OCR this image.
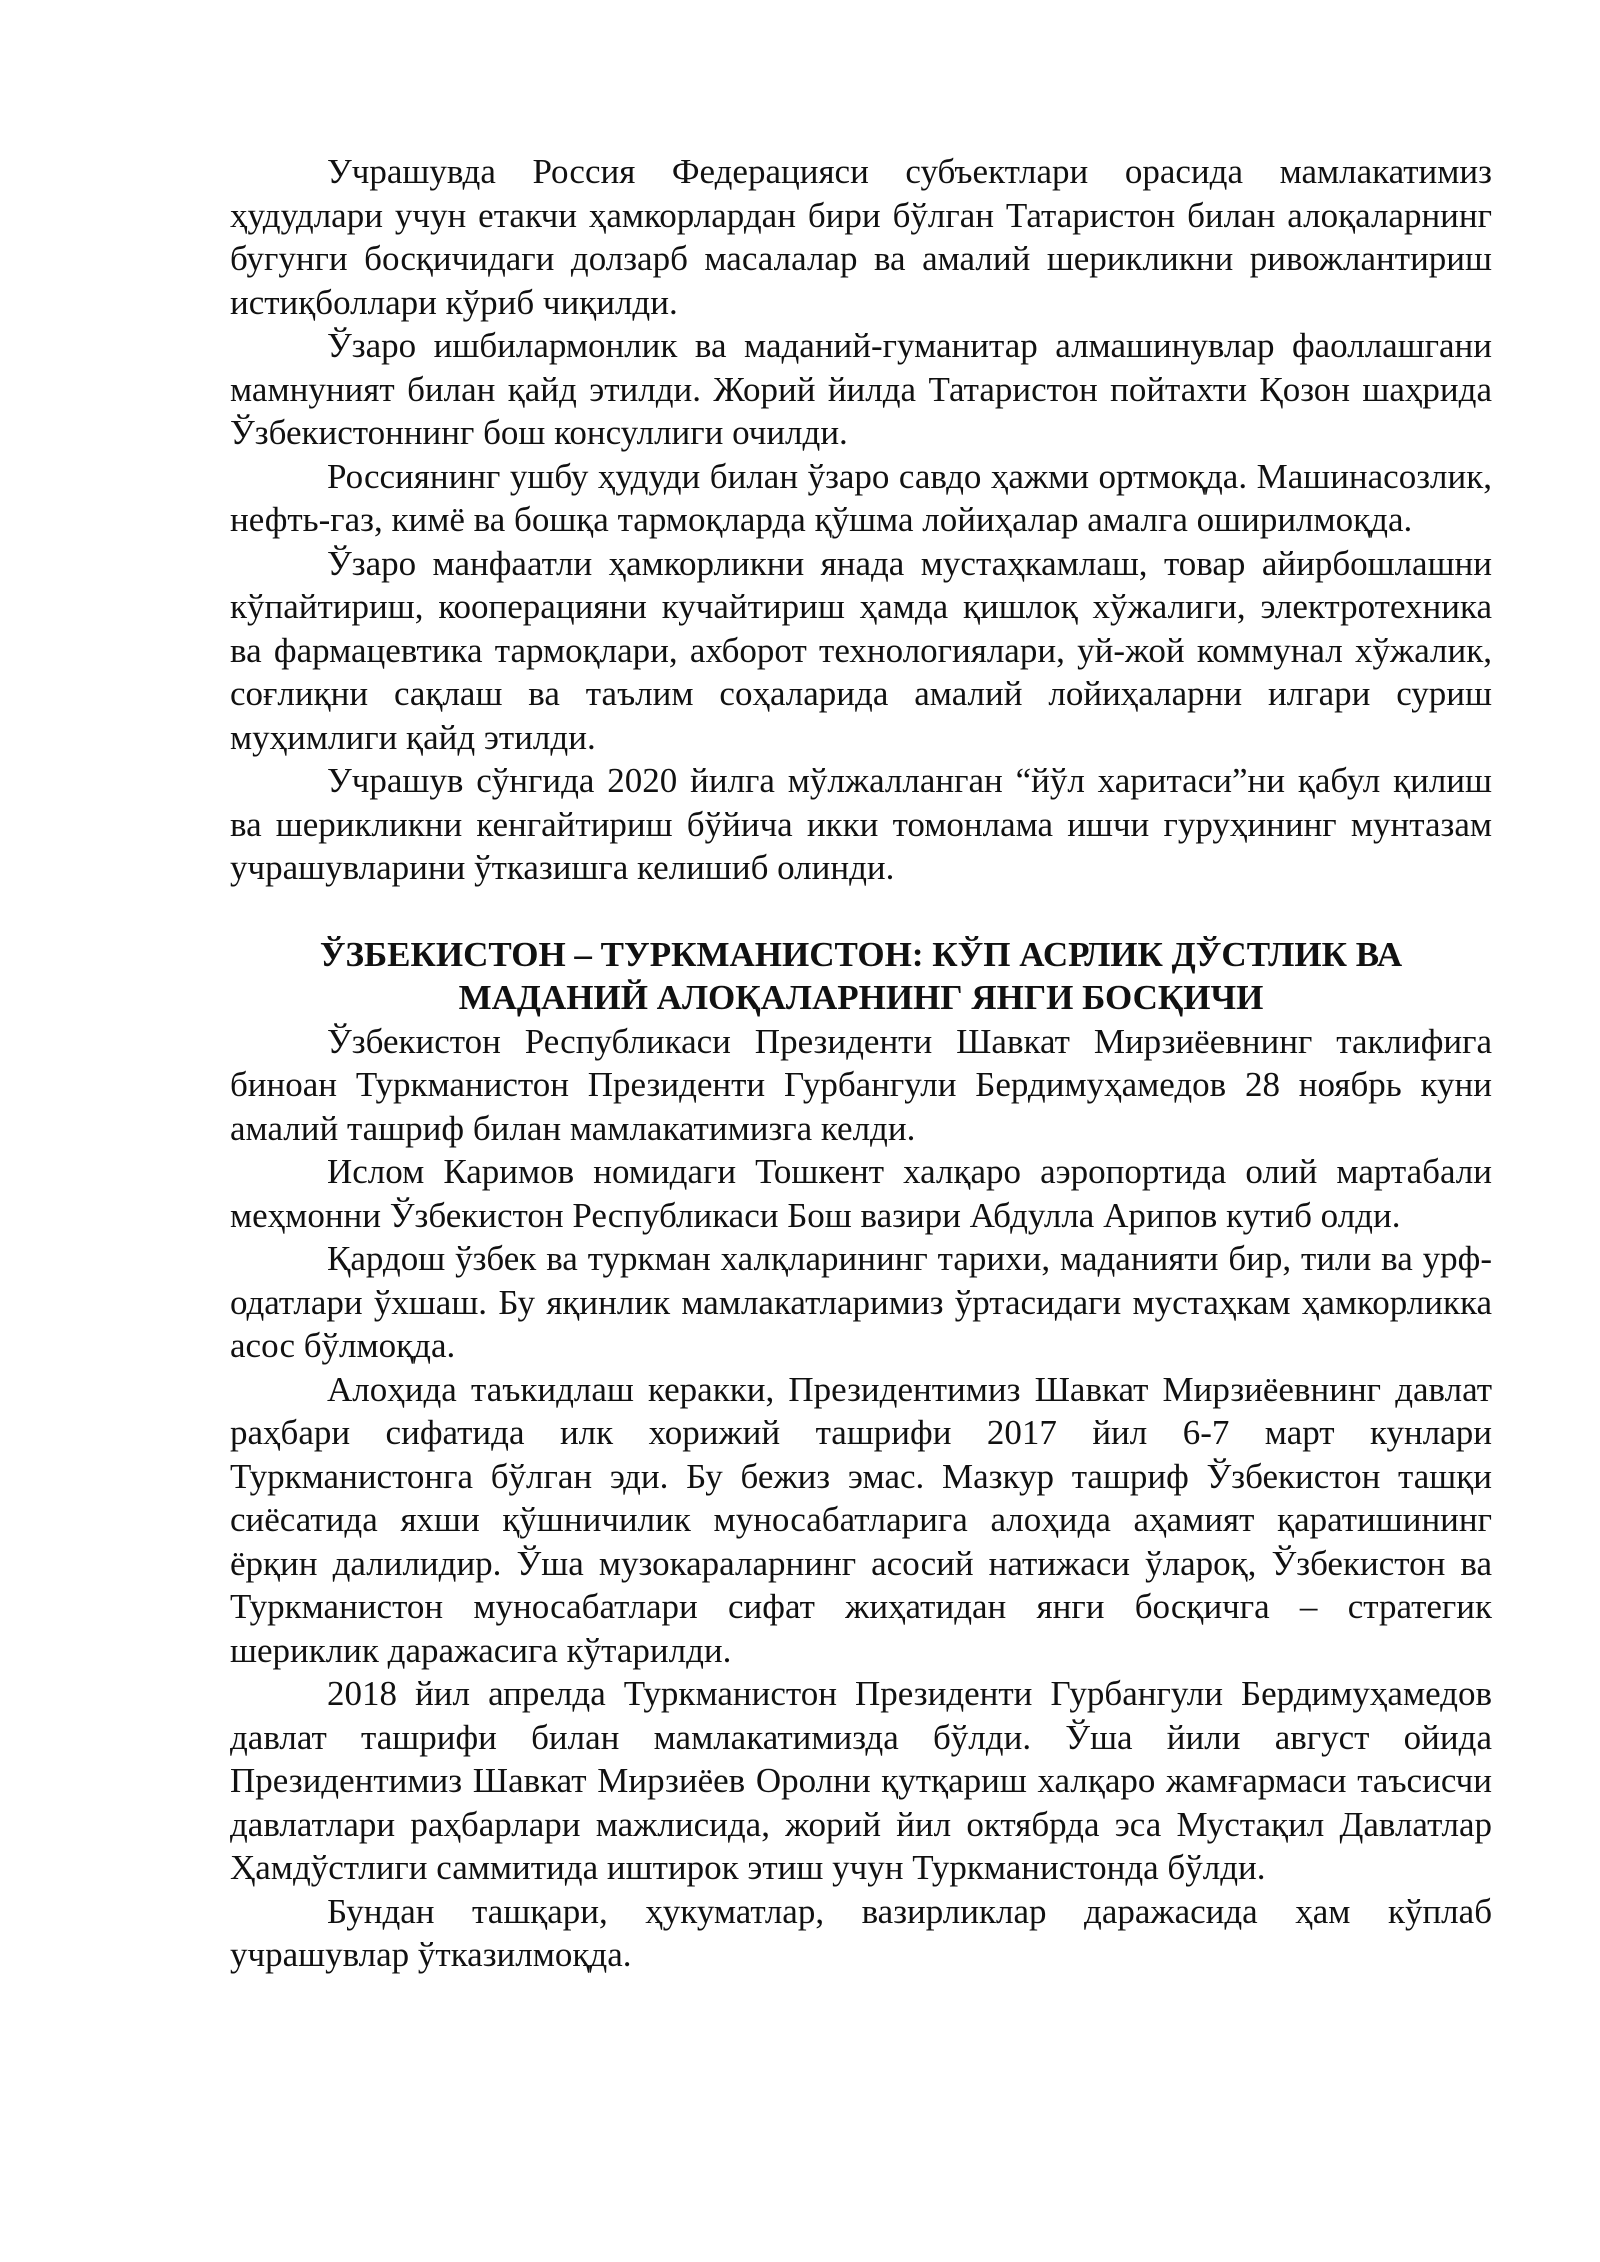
Учрашувда Россия Федерацияси субъектлари орасида мамлакатимиз ҳудудлари учун етакчи ҳамкорлардан бири бўлган Татаристон билан алоқаларнинг бугунги босқичидаги долзарб масалалар ва амалий шерикликни ривожлантириш истиқболлари кўриб чиқилди.

Ўзаро ишбилармонлик ва маданий-гуманитар алмашинувлар фаоллашгани мамнуният билан қайд этилди. Жорий йилда Татаристон пойтахти Қозон шаҳрида Ўзбекистоннинг бош консуллиги очилди.

Россиянинг ушбу ҳудуди билан ўзаро савдо ҳажми ортмоқда. Машинасозлик, нефть-газ, кимё ва бошқа тармоқларда қўшма лойиҳалар амалга оширилмоқда.

Ўзаро манфаатли ҳамкорликни янада мустаҳкамлаш, товар айирбошлашни кўпайтириш, кооперацияни кучайтириш ҳамда қишлоқ хўжалиги, электротехника ва фармацевтика тармоқлари, ахборот технологиялари, уй-жой коммунал хўжалик, соғлиқни сақлаш ва таълим соҳаларида амалий лойиҳаларни илгари суриш муҳимлиги қайд этилди.

Учрашув сўнгида 2020 йилга мўлжалланган “йўл харитаси”ни қабул қилиш ва шерикликни кенгайтириш бўйича икки томонлама ишчи гуруҳининг мунтазам учрашувларини ўтказишга келишиб олинди.

ЎЗБЕКИСТОН – ТУРКМАНИСТОН: КЎП АСРЛИК ДЎСТЛИК ВА
МАДАНИЙ АЛОҚАЛАРНИНГ ЯНГИ БОСҚИЧИ

Ўзбекистон Республикаси Президенти Шавкат Мирзиёевнинг таклифига биноан Туркманистон Президенти Гурбангули Бердимуҳамедов 28 ноябрь куни амалий ташриф билан мамлакатимизга келди.

Ислом Каримов номидаги Тошкент халқаро аэропортида олий мартабали меҳмонни Ўзбекистон Республикаси Бош вазири Абдулла Арипов кутиб олди.

Қардош ўзбек ва туркман халқларининг тарихи, маданияти бир, тили ва урф-одатлари ўхшаш. Бу яқинлик мамлакатларимиз ўртасидаги мустаҳкам ҳамкорликка асос бўлмоқда.

Алоҳида таъкидлаш керакки, Президентимиз Шавкат Мирзиёевнинг давлат раҳбари сифатида илк хорижий ташрифи 2017 йил 6-7 март кунлари Туркманистонга бўлган эди. Бу бежиз эмас. Мазкур ташриф Ўзбекистон ташқи сиёсатида яхши қўшничилик муносабатларига алоҳида аҳамият қаратишининг ёрқин далилидир. Ўша музокараларнинг асосий натижаси ўлароқ, Ўзбекистон ва Туркманистон муносабатлари сифат жиҳатидан янги босқичга – стратегик шериклик даражасига кўтарилди.

2018 йил апрелда Туркманистон Президенти Гурбангули Бердимуҳамедов давлат ташрифи билан мамлакатимизда бўлди. Ўша йили август ойида Президентимиз Шавкат Мирзиёев Оролни қутқариш халқаро жамғармаси таъсисчи давлатлари раҳбарлари мажлисида, жорий йил октябрда эса Мустақил Давлатлар Ҳамдўстлиги саммитида иштирок этиш учун Туркманистонда бўлди.

Бундан ташқари, ҳукуматлар, вазирликлар даражасида ҳам кўплаб учрашувлар ўтказилмоқда.
